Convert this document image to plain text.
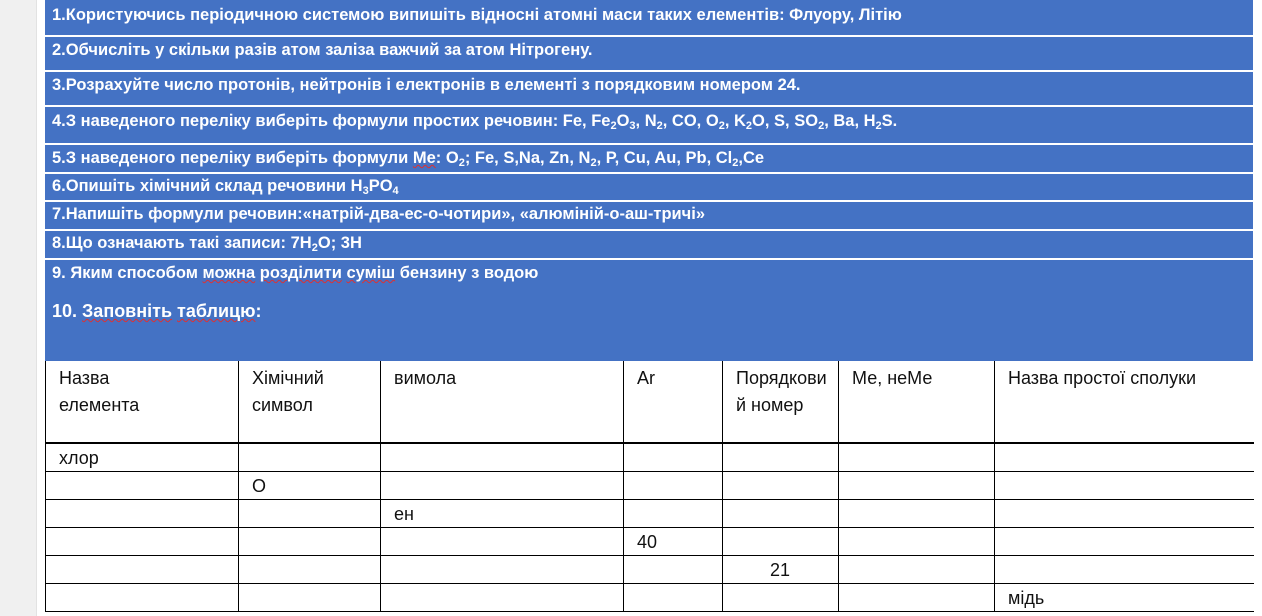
1.Користуючись періодичною системою випишіть відносні атомні маси таких елементів: Флуору, Літію
2.Обчисліть у скільки разів атом заліза важчий за атом Нітрогену.
3.Розрахуйте число протонів, нейтронів і електронів в елементі з порядковим номером 24.
4.З наведеного переліку виберіть формули простих речовин: Fe, $Fe_2O_3$, $N_2$, CO, $O_2$, $K_2O$, S, $SO_2$, Ba, $H_2S$.
5.З наведеного переліку виберіть формули Ме: $O_2$; Fe, S,Na, Zn, $N_2$, P, Cu, Au, Pb, $Cl_2,Ce$
6.Опишіть хімічний склад речовини $H_3PO_4$
7.Напишіть формули речовин:«натрій-два-ес-о-чотири», «алюміній-о-аш-тричі»
8.Що означають такі записи: $7H_2O$; 3H
9. Яким способом можна розділити суміш бензину з водою
10. Заповніть таблицю:
Назва елемента	Хімічний символ	вимола	Ar	Порядковий номер	Ме, неМе	Назва простої сполуки
хлор						
	О					
		ен				
			40			
				21		
						мідь
